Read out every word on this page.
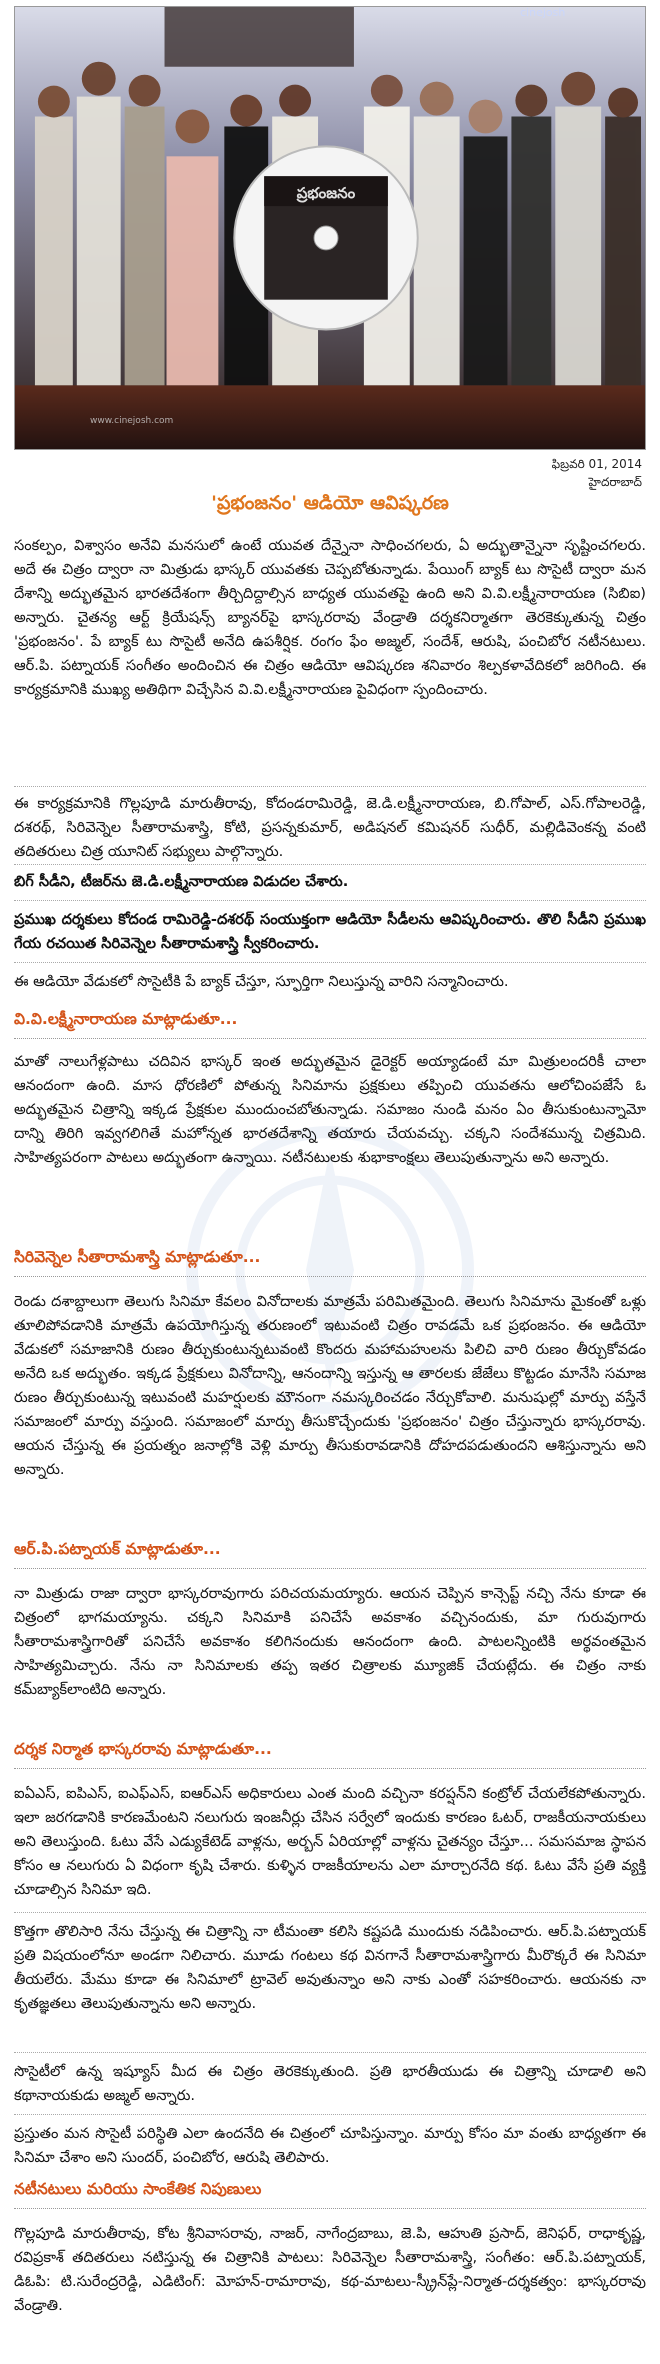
ప్రభంజనం
cinejosh
www.cinejosh.com
ఫిబ్రవరి 01, 2014
హైదరాబాద్
'ప్రభంజనం' ఆడియో ఆవిష్కరణ

సంకల్పం, విశ్వాసం అనేవి మనసులో ఉంటే యువత దేన్నైనా సాధించగలరు, ఏ అద్భుతాన్నైనా సృష్టించగలరు. అదే ఈ చిత్రం ద్వారా నా మిత్రుడు భాస్కర్ యువతకు చెప్పబోతున్నాడు. పేయింగ్ బ్యాక్ టు సొసైటీ ద్వారా మన దేశాన్ని అద్భుతమైన భారతదేశంగా తీర్చిదిద్దాల్సిన బాధ్యత యువతపై ఉంది అని వి.వి.లక్ష్మీనారాయణ (సిబిఐ) అన్నారు. చైతన్య ఆర్ట్ క్రియేషన్స్ బ్యానర్‌పై భాస్కరరావు వేండ్రాతి దర్శకనిర్మాతగా తెరకెక్కుతున్న చిత్రం 'ప్రభంజనం'. పే బ్యాక్ టు సొసైటీ అనేది ఉపశీర్షిక. రంగం ఫేం అజ్మల్, సందేశ్, ఆరుషి, పంచిబోర నటీనటులు. ఆర్.పి. పట్నాయక్ సంగీతం అందించిన ఈ చిత్రం ఆడియో ఆవిష్కరణ శనివారం శిల్పకళావేదికలో జరిగింది. ఈ కార్యక్రమానికి ముఖ్య అతిథిగా విచ్చేసిన వి.వి.లక్ష్మీనారాయణ పైవిధంగా స్పందించారు.

ఈ కార్యక్రమానికి గొల్లపూడి మారుతీరావు, కోదండరామిరెడ్డి, జె.డి.లక్ష్మీనారాయణ, బి.గోపాల్, ఎస్.గోపాలరెడ్డి, దశరథ్, సిరివెన్నెల సీతారామశాస్త్రి, కోటి, ప్రసన్నకుమార్, అడిషనల్ కమిషనర్ సుధీర్, మల్లిడివెంకన్న వంటి తదితరులు చిత్ర యూనిట్ సభ్యులు పాల్గొన్నారు.

బిగ్ సీడీని, టీజర్‌ను జె.డి.లక్ష్మీనారాయణ విడుదల చేశారు.

ప్రముఖ దర్శకులు కోదండ రామిరెడ్డి-దశరథ్ సంయుక్తంగా ఆడియో సీడీలను ఆవిష్కరించారు. తొలి సీడీని ప్రముఖ గేయ రచయిత సిరివెన్నెల సీతారామశాస్త్రి స్వీకరించారు.

ఈ ఆడియో వేడుకలో సొసైటీకి పే బ్యాక్ చేస్తూ, స్ఫూర్తిగా నిలుస్తున్న వారిని సన్మానించారు.

వి.వి.లక్ష్మీనారాయణ మాట్లాడుతూ...

మాతో నాలుగేళ్లపాటు చదివిన భాస్కర్ ఇంత అద్భుతమైన డైరెక్టర్ అయ్యాడంటే మా మిత్రులందరికీ చాలా ఆనందంగా ఉంది. మాస ధోరణిలో పోతున్న సినిమాను ప్రక్షకులు తప్పించి యువతను ఆలోచింపజేసే ఓ అద్భుతమైన చిత్రాన్ని ఇక్కడ ప్రేక్షకుల ముందుంచబోతున్నాడు. సమాజం నుండి మనం ఏం తీసుకుంటున్నామో దాన్ని తిరిగి ఇవ్వగలిగితే మహోన్నత భారతదేశాన్ని తయారు చేయవచ్చు. చక్కని సందేశమున్న చిత్రమిది. సాహిత్యపరంగా పాటలు అద్భుతంగా ఉన్నాయి. నటీనటులకు శుభాకాంక్షలు తెలుపుతున్నాను అని అన్నారు.

సిరివెన్నెల సీతారామశాస్త్రి మాట్లాడుతూ...

రెండు దశాబ్దాలుగా తెలుగు సినిమా కేవలం వినోదాలకు మాత్రమే పరిమితమైంది. తెలుగు సినిమాను మైకంతో ఒళ్లు తూలిపోవడానికి మాత్రమే ఉపయోగిస్తున్న తరుణంలో ఇటువంటి చిత్రం రావడమే ఒక ప్రభంజనం. ఈ ఆడియో వేడుకలో సమాజానికి రుణం తీర్చుకుంటున్నటువంటి కొందరు మహామహులను పిలిచి వారి రుణం తీర్చుకోవడం అనేది ఒక అద్భుతం. ఇక్కడ ప్రేక్షకులు వినోదాన్ని, ఆనందాన్ని ఇస్తున్న ఆ తారలకు జేజేలు కొట్టడం మానేసి సమాజ రుణం తీర్చుకుంటున్న ఇటువంటి మహర్షులకు మౌనంగా నమస్కరించడం నేర్చుకోవాలి. మనుషుల్లో మార్పు వస్తేనే సమాజంలో మార్పు వస్తుంది. సమాజంలో మార్పు తీసుకొచ్చేందుకు 'ప్రభంజనం' చిత్రం చేస్తున్నారు భాస్కరరావు. ఆయన చేస్తున్న ఈ ప్రయత్నం జనాల్లోకి వెళ్లి మార్పు తీసుకురావడానికి దోహదపడుతుందని ఆశిస్తున్నాను అని అన్నారు.

ఆర్.పి.పట్నాయక్ మాట్లాడుతూ...

నా మిత్రుడు రాజా ద్వారా భాస్కరరావుగారు పరిచయమయ్యారు. ఆయన చెప్పిన కాన్సెప్ట్ నచ్చి నేను కూడా ఈ చిత్రంలో భాగమయ్యాను. చక్కని సినిమాకి పనిచేసే అవకాశం వచ్చినందుకు, మా గురువుగారు సీతారామశాస్త్రిగారితో పనిచేసే అవకాశం కలిగినందుకు ఆనందంగా ఉంది. పాటలన్నింటికి అర్థవంతమైన సాహిత్యమిచ్చారు. నేను నా సినిమాలకు తప్ప ఇతర చిత్రాలకు మ్యూజిక్ చేయట్లేదు. ఈ చిత్రం నాకు కమ్‌బ్యాక్‌లాంటిది అన్నారు.

దర్శక నిర్మాత భాస్కరరావు మాట్లాడుతూ...

ఐఏఎస్, ఐపిఎస్, ఐఎఫ్ఎస్, ఐఆర్ఎస్ అధికారులు ఎంత మంది వచ్చినా కరప్షన్‌ని కంట్రోల్ చేయలేకపోతున్నారు. ఇలా జరగడానికి కారణమేంటని నలుగురు ఇంజనీర్లు చేసిన సర్వేలో ఇందుకు కారణం ఓటర్, రాజకీయనాయకులు అని తెలుస్తుంది. ఓటు వేసే ఎడ్యుకేటెడ్ వాళ్లను, అర్బన్ ఏరియాల్లో వాళ్లను చైతన్యం చేస్తూ... సమసమాజ స్థాపన కోసం ఆ నలుగురు ఏ విధంగా కృషి చేశారు. కుళ్ళిన రాజకీయాలను ఎలా మార్చారనేది కథ. ఓటు వేసే ప్రతి వ్యక్తి చూడాల్సిన సినిమా ఇది.

కొత్తగా తొలిసారి నేను చేస్తున్న ఈ చిత్రాన్ని నా టీమంతా కలిసి కష్టపడి ముందుకు నడిపించారు. ఆర్.పి.పట్నాయక్ ప్రతి విషయంలోనూ అండగా నిలిచారు. మూడు గంటలు కథ వినగానే సీతారామశాస్త్రిగారు మీరొక్కరే ఈ సినిమా తీయలేరు. మేము కూడా ఈ సినిమాలో ట్రావెల్ అవుతున్నాం అని నాకు ఎంతో సహకరించారు. ఆయనకు నా కృతజ్ఞతలు తెలుపుతున్నాను అని అన్నారు.

సొసైటీలో ఉన్న ఇష్యూస్ మీద ఈ చిత్రం తెరకెక్కుతుంది. ప్రతి భారతీయుడు ఈ చిత్రాన్ని చూడాలి అని కథానాయకుడు అజ్మల్ అన్నారు.

ప్రస్తుతం మన సొసైటీ పరిస్థితి ఎలా ఉందనేది ఈ చిత్రంలో చూపిస్తున్నాం. మార్పు కోసం మా వంతు బాధ్యతగా ఈ సినిమా చేశాం అని సుందర్, పంచిబోర, ఆరుషి తెలిపారు.

నటీనటులు మరియు సాంకేతిక నిపుణులు

గొల్లపూడి మారుతీరావు, కోట శ్రీనివాసరావు, నాజర్, నాగేంద్రబాబు, జె.పి, ఆహుతి ప్రసాద్, జెనిఫర్, రాధాకృష్ణ, రవిప్రకాశ్ తదితరులు నటిస్తున్న ఈ చిత్రానికి పాటలు: సిరివెన్నెల సీతారామశాస్త్రి, సంగీతం: ఆర్.పి.పట్నాయక్, డిఓపి: టి.సురేంద్రరెడ్డి, ఎడిటింగ్: మోహన్-రామారావు, కథ-మాటలు-స్క్రీన్‌ప్లే-నిర్మాత-దర్శకత్వం: భాస్కరరావు వేండ్రాతి.
